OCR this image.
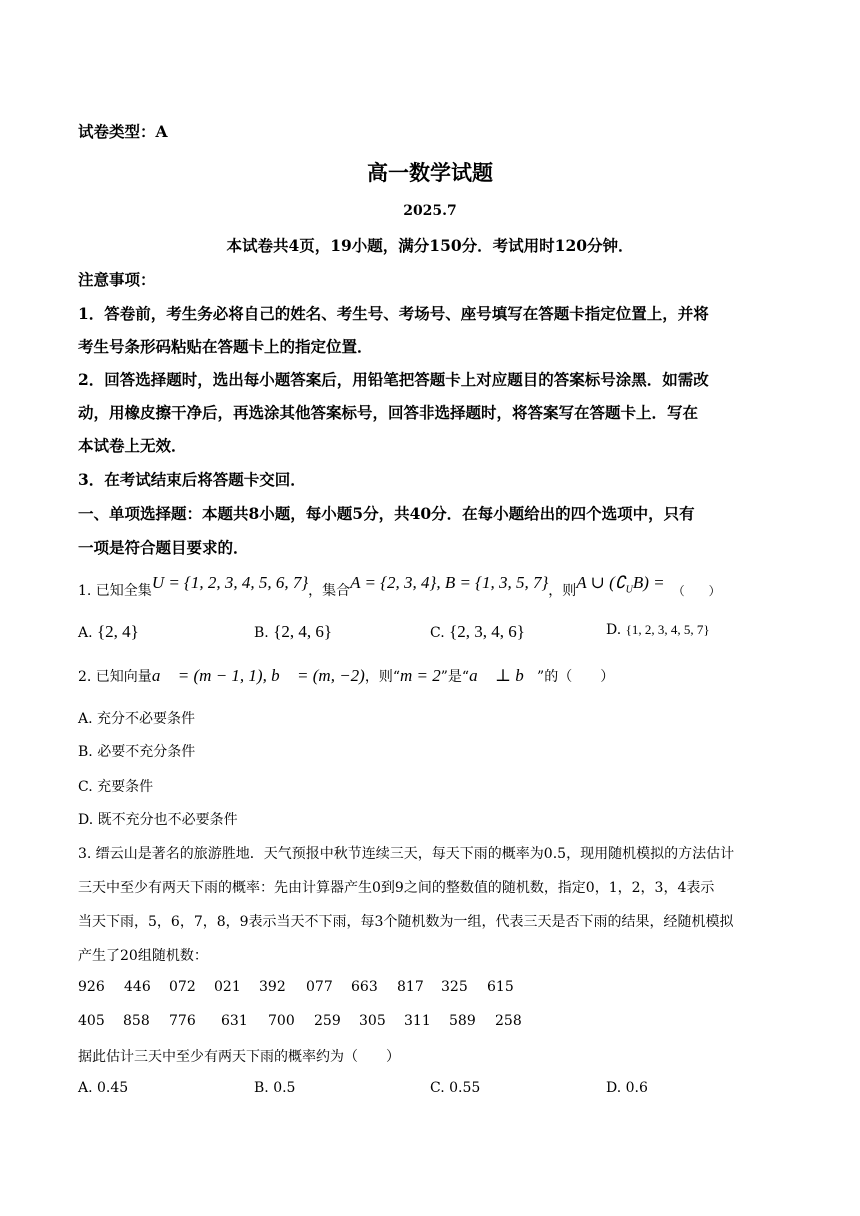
试卷类型：A
高一数学试题
2025.7
本试卷共4页，19小题，满分150分．考试用时120分钟．
注意事项：
1．答卷前，考生务必将自己的姓名、考生号、考场号、座号填写在答题卡指定位置上，并将
考生号条形码粘贴在答题卡上的指定位置．
2．回答选择题时，选出每小题答案后，用铅笔把答题卡上对应题目的答案标号涂黑．如需改
动，用橡皮擦干净后，再选涂其他答案标号，回答非选择题时，将答案写在答题卡上．写在
本试卷上无效．
3．在考试结束后将答题卡交回．
一、单项选择题：本题共8小题，每小题5分，共40分．在每小题给出的四个选项中，只有
一项是符合题目要求的．
1. 已知全集U = {1, 2, 3, 4, 5, 6, 7}，集合A = {2, 3, 4}, B = {1, 3, 5, 7}，则A ∪ $(∁_UB)$ = （　　）
A. {2, 4}	B. {2, 4, 6}	C. {2, 3, 4, 6}	D. {1, 2, 3, 4, 5, 7}
2. 已知向量a⃗ = (m − 1, 1), b⃗ = (m, −2)，则“m = 2”是“a⃗ ⊥ b⃗”的（　　）
A. 充分不必要条件
B. 必要不充分条件
C. 充要条件
D. 既不充分也不必要条件
3. 缙云山是著名的旅游胜地．天气预报中秋节连续三天，每天下雨的概率为0.5，现用随机模拟的方法估计
三天中至少有两天下雨的概率：先由计算器产生0到9之间的整数值的随机数，指定0，1，2，3，4表示
当天下雨，5，6，7，8，9表示当天不下雨，每3个随机数为一组，代表三天是否下雨的结果，经随机模拟
产生了20组随机数：
926 446 072 021 392 077 663 817 325 615
405 858 776 631 700 259 305 311 589 258
据此估计三天中至少有两天下雨的概率约为（　　）
A. 0.45	B. 0.5	C. 0.55	D. 0.6
